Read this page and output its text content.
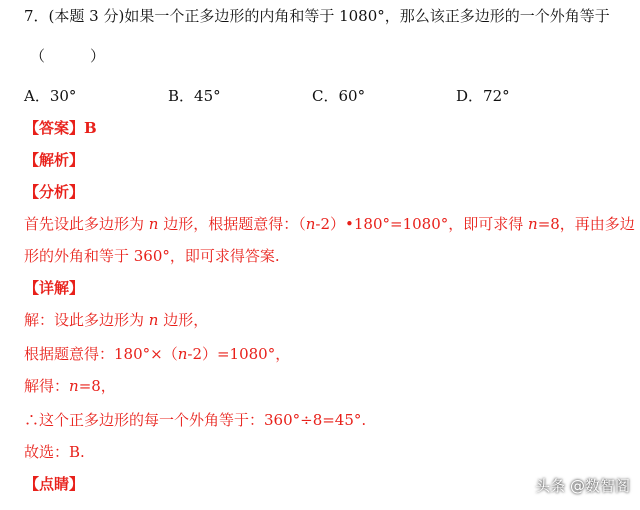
7．(本题 3 分)如果一个正多边形的内角和等于 1080°，那么该正多边形的一个外角等于
（　　　）
A．30°	B．45°	C．60°	D．72°
【答案】B
【解析】
【分析】
首先设此多边形为 n 边形，根据题意得：（n-2）•180°=1080°，即可求得 n=8，再由多边
形的外角和等于 360°，即可求得答案.
【详解】
解：设此多边形为 n 边形，
根据题意得：180°×（n-2）=1080°，
解得：n=8，
∴这个正多边形的每一个外角等于：360°÷8=45°.
故选：B.
【点睛】	头条 @数智阁
